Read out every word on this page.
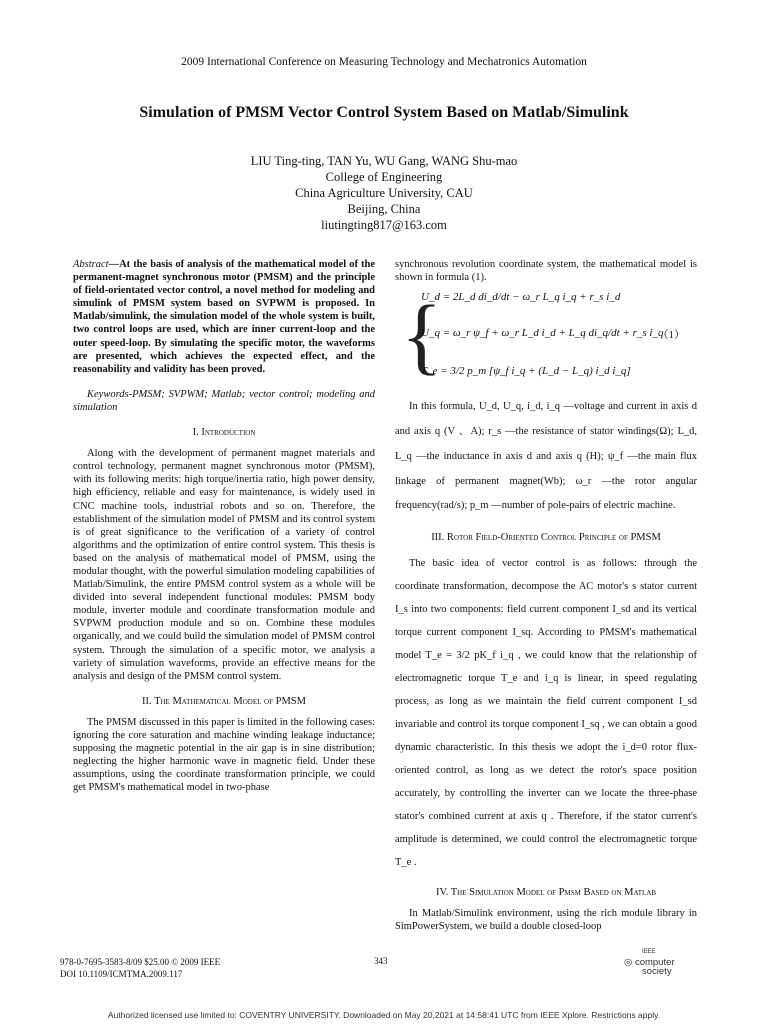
2009 International Conference on Measuring Technology and Mechatronics Automation
Simulation of PMSM Vector Control System Based on Matlab/Simulink
LIU Ting-ting, TAN Yu, WU Gang, WANG Shu-mao
College of Engineering
China Agriculture University, CAU
Beijing, China
liutingting817@163.com

Abstract—At the basis of analysis of the mathematical model of the permanent-magnet synchronous motor (PMSM) and the principle of field-orientated vector control, a novel method for modeling and simulink of PMSM system based on SVPWM is proposed. In Matlab/simulink, the simulation model of the whole system is built, two control loops are used, which are inner current-loop and the outer speed-loop. By simulating the specific motor, the waveforms are presented, which achieves the expected effect, and the reasonability and validity has been proved.

Keywords-PMSM; SVPWM; Matlab; vector control; modeling and simulation

I. Introduction

Along with the development of permanent magnet materials and control technology, permanent magnet synchronous motor (PMSM), with its following merits: high torque/inertia ratio, high power density, high efficiency, reliable and easy for maintenance, is widely used in CNC machine tools, industrial robots and so on. Therefore, the establishment of the simulation model of PMSM and its control system is of great significance to the verification of a variety of control algorithms and the optimization of entire control system. This thesis is based on the analysis of mathematical model of PMSM, using the modular thought, with the powerful simulation modeling capabilities of Matlab/Simulink, the entire PMSM control system as a whole will be divided into several independent functional modules: PMSM body module, inverter module and coordinate transformation module and SVPWM production module and so on. Combine these modules organically, and we could build the simulation model of PMSM control system. Through the simulation of a specific motor, we analysis a variety of simulation waveforms, provide an effective means for the analysis and design of the PMSM control system.

II. The Mathematical Model of PMSM

The PMSM discussed in this paper is limited in the following cases: ignoring the core saturation and machine winding leakage inductance; supposing the magnetic potential in the air gap is in sine distribution; neglecting the higher harmonic wave in magnetic field. Under these assumptions, using the coordinate transformation principle, we could get PMSM's mathematical model in two-phase

synchronous revolution coordinate system, the mathematical model is shown in formula (1).

{
U_d = 2L_d di_d/dt − ω_r L_q i_q + r_s i_d
U_q = ω_r ψ_f + ω_r L_d i_d + L_q di_q/dt + r_s i_q
T_e = 3/2 p_m [ψ_f i_q + (L_d − L_q) i_d i_q]
（1）

In this formula, U_d, U_q, i_d, i_q —voltage and current in axis d and axis q (V 、A); r_s —the resistance of stator windings(Ω); L_d, L_q —the inductance in axis d and axis q (H); ψ_f —the main flux linkage of permanent magnet(Wb); ω_r —the rotor angular frequency(rad/s); p_m —number of pole-pairs of electric machine.

III. Rotor Field-Oriented Control Principle of PMSM

The basic idea of vector control is as follows: through the coordinate transformation, decompose the AC motor's s stator current I_s into two components: field current component I_sd and its vertical torque current component I_sq. According to PMSM's mathematical model T_e = 3/2 pK_f i_q , we could know that the relationship of electromagnetic torque T_e and i_q is linear, in speed regulating process, as long as we maintain the field current component I_sd invariable and control its torque component I_sq , we can obtain a good dynamic characteristic. In this thesis we adopt the i_d=0 rotor flux-oriented control, as long as we detect the rotor's space position accurately, by controlling the inverter can we locate the three-phase stator's combined current at axis q . Therefore, if the stator current's amplitude is determined, we could control the electromagnetic torque T_e .

IV. The Simulation Model of Pmsm Based on Matlab

In Matlab/Simulink environment, using the rich module library in SimPowerSystem, we build a double closed-loop

978-0-7695-3583-8/09 $25.00 © 2009 IEEE
DOI 10.1109/ICMTMA.2009.117
343
IEEE
◎ computer
society
Authorized licensed use limited to: COVENTRY UNIVERSITY. Downloaded on May 20,2021 at 14:58:41 UTC from IEEE Xplore. Restrictions apply.
